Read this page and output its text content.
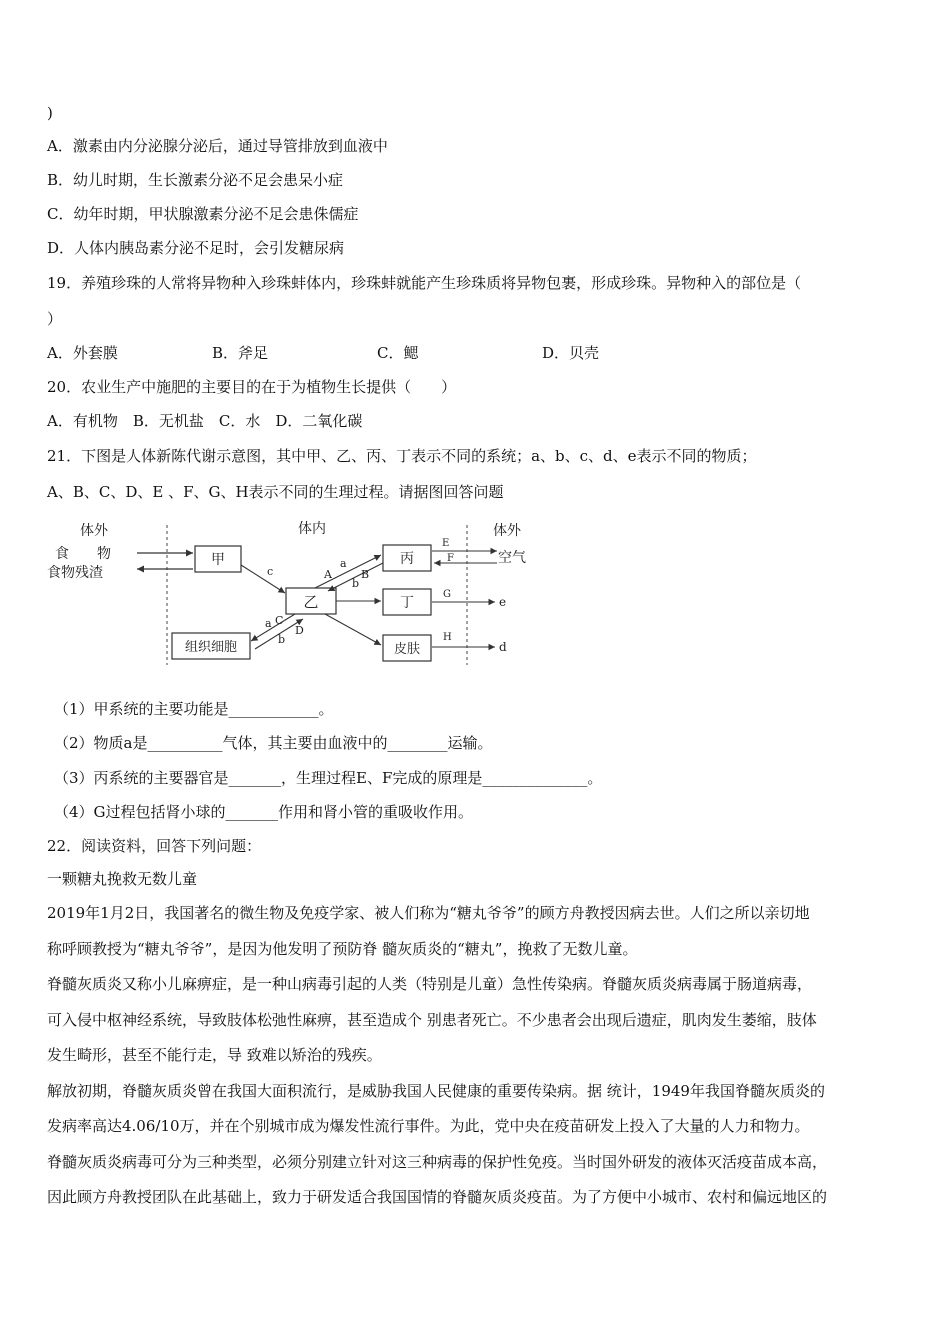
)
A．激素由内分泌腺分泌后，通过导管排放到血液中
B．幼儿时期，生长激素分泌不足会患呆小症
C．幼年时期，甲状腺激素分泌不足会患侏儒症
D．人体内胰岛素分泌不足时，会引发糖尿病
19．养殖珍珠的人常将异物种入珍珠蚌体内，珍珠蚌就能产生珍珠质将异物包裹，形成珍珠。异物种入的部位是（
）
A．外套膜	B．斧足	C．鳃	D．贝壳
20．农业生产中施肥的主要目的在于为植物生长提供（　　）
A．有机物　B．无机盐　C．水　D．二氧化碳
21．下图是人体新陈代谢示意图，其中甲、乙、丙、丁表示不同的系统；a、b、c、d、e表示不同的物质；
A、B、C、D、E 、F、G、H表示不同的生理过程。请据图回答问题
体外	体内	体外
食　　物
食物残渣
甲
乙
丙
丁
皮肤
组织细胞
c
a
A	B
b
a C
D
b
E
F	空气
G
e
H
d
（1）甲系统的主要功能是____________。
（2）物质a是__________气体，其主要由血液中的________运输。
（3）丙系统的主要器官是_______，生理过程E、F完成的原理是______________。
（4）G过程包括肾小球的_______作用和肾小管的重吸收作用。
22．阅读资料，回答下列问题：
一颗糖丸挽救无数儿童
2019年1月2日，我国著名的微生物及免疫学家、被人们称为“糖丸爷爷”的顾方舟教授因病去世。人们之所以亲切地
称呼顾教授为“糖丸爷爷”，是因为他发明了预防脊 髓灰质炎的“糖丸”，挽救了无数儿童。
脊髓灰质炎又称小儿麻痹症，是一种山病毒引起的人类（特别是儿童）急性传染病。脊髓灰质炎病毒属于肠道病毒，
可入侵中枢神经系统，导致肢体松弛性麻痹，甚至造成个 别患者死亡。不少患者会出现后遗症，肌肉发生萎缩，肢体
发生畸形，甚至不能行走，导 致难以矫治的残疾。
解放初期，脊髓灰质炎曾在我国大面积流行，是威胁我国人民健康的重要传染病。据 统计，1949年我国脊髓灰质炎的
发病率高达4.06/10万，并在个别城市成为爆发性流行事件。为此，党中央在疫苗研发上投入了大量的人力和物力。
脊髓灰质炎病毒可分为三种类型，必须分别建立针对这三种病毒的保护性免疫。当时国外研发的液体灭活疫苗成本高，
因此顾方舟教授团队在此基础上，致力于研发适合我国国情的脊髓灰质炎疫苗。为了方便中小城市、农村和偏远地区的
